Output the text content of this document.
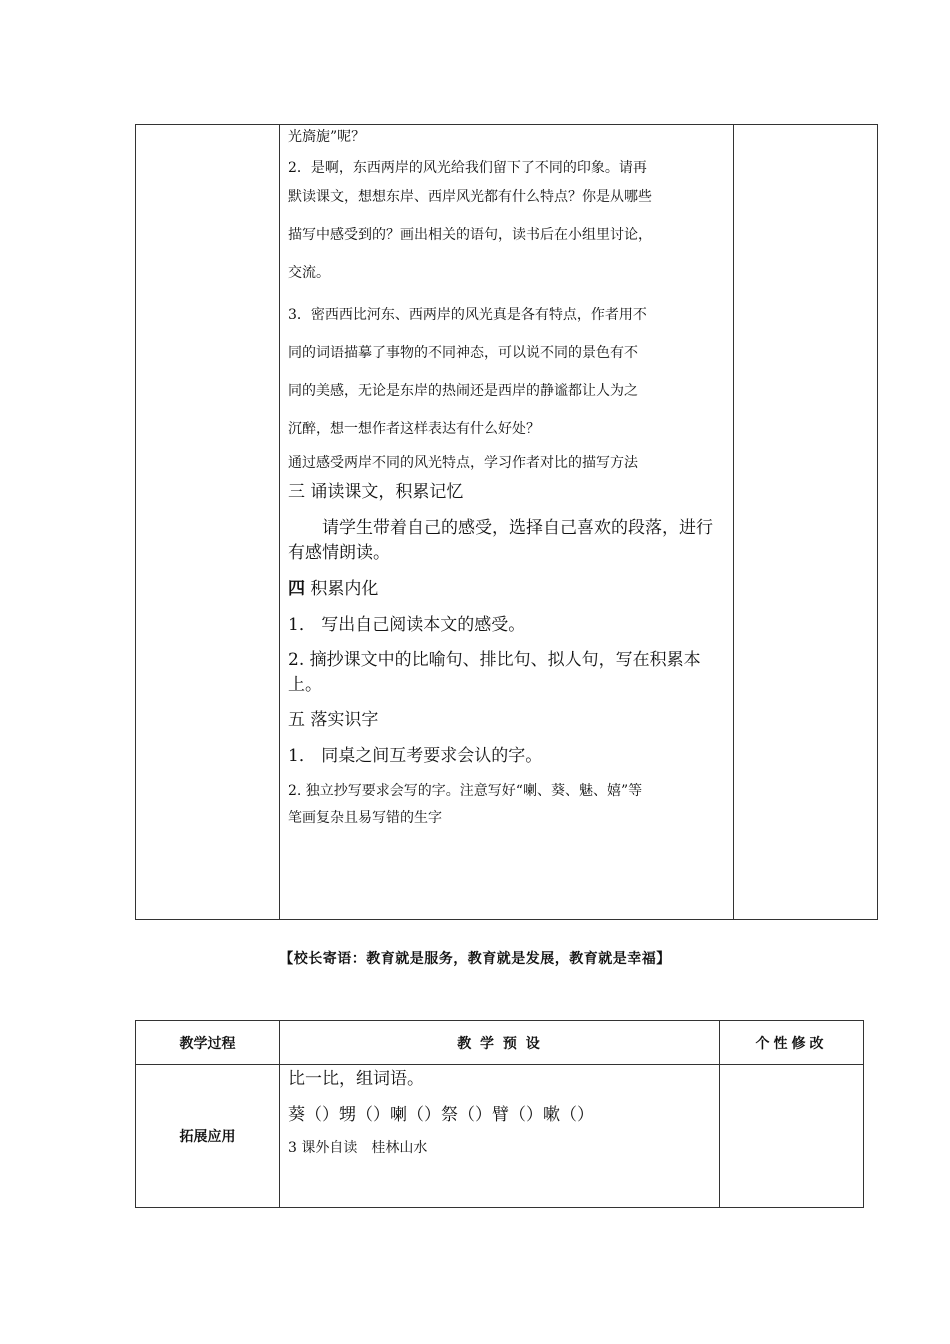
光旖旎”呢？

2．是啊，东西两岸的风光给我们留下了不同的印象。请再

默读课文，想想东岸、西岸风光都有什么特点？你是从哪些

描写中感受到的？画出相关的语句，读书后在小组里讨论，

交流。

3．密西西比河东、西两岸的风光真是各有特点，作者用不

同的词语描摹了事物的不同神态，可以说不同的景色有不

同的美感，无论是东岸的热闹还是西岸的静谧都让人为之

沉醉，想一想作者这样表达有什么好处？

通过感受两岸不同的风光特点，学习作者对比的描写方法

三 诵读课文，积累记忆

请学生带着自己的感受，选择自己喜欢的段落，进行有感情朗读。

四 积累内化

1． 写出自己阅读本文的感受。

2. 摘抄课文中的比喻句、排比句、拟人句，写在积累本上。

五 落实识字

1． 同桌之间互考要求会认的字。

2. 独立抄写要求会写的字。注意写好“喇、葵、魅、嬉”等

笔画复杂且易写错的生字

【校长寄语：教育就是服务，教育就是发展，教育就是幸福】
教学过程	教 学 预 设	个性修改
拓展应用	比一比，组词语。

葵（）甥（）喇（）祭（）臂（）嗽（）

3 课外自读　桂林山水	
